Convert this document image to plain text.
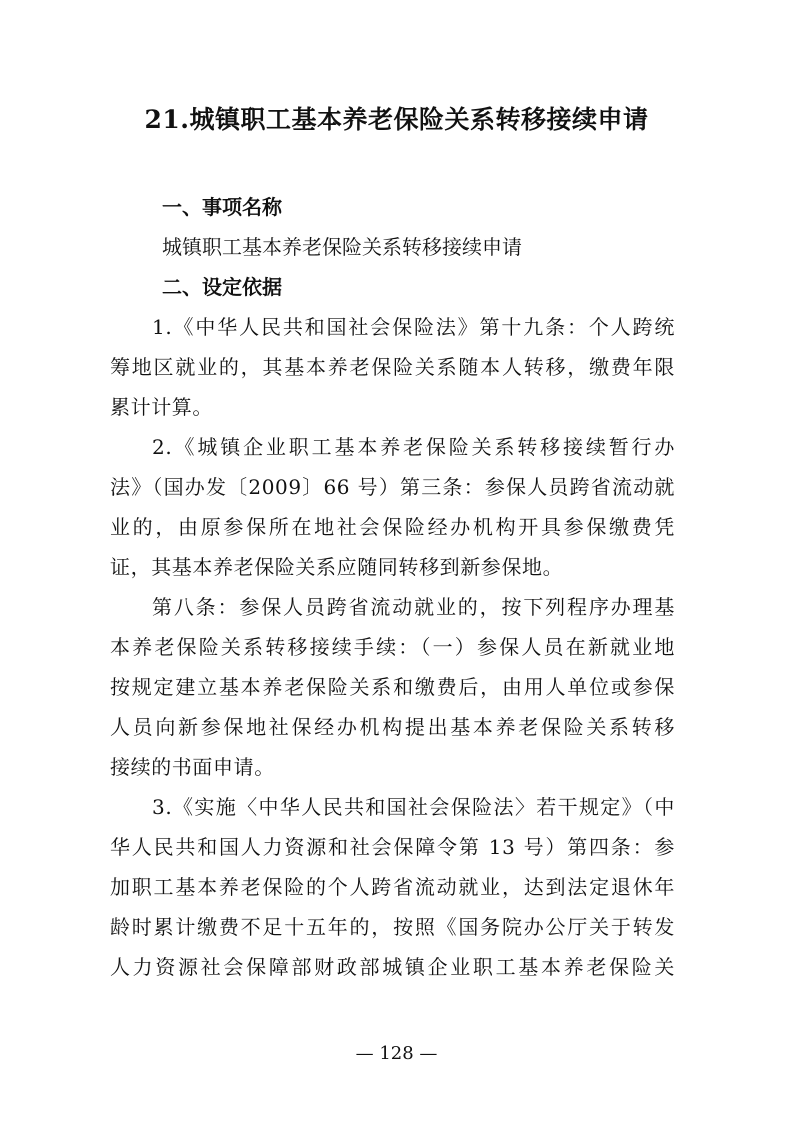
21.城镇职工基本养老保险关系转移接续申请

一、事项名称

城镇职工基本养老保险关系转移接续申请

二、设定依据

1.《中华人民共和国社会保险法》第十九条：个人跨统
筹地区就业的，其基本养老保险关系随本人转移，缴费年限
累计计算。

2.《城镇企业职工基本养老保险关系转移接续暂行办
法》（国办发〔2009〕66 号）第三条：参保人员跨省流动就
业的，由原参保所在地社会保险经办机构开具参保缴费凭
证，其基本养老保险关系应随同转移到新参保地。

第八条：参保人员跨省流动就业的，按下列程序办理基
本养老保险关系转移接续手续：（一）参保人员在新就业地
按规定建立基本养老保险关系和缴费后，由用人单位或参保
人员向新参保地社保经办机构提出基本养老保险关系转移
接续的书面申请。

3.《实施〈中华人民共和国社会保险法〉若干规定》（中
华人民共和国人力资源和社会保障令第 13 号）第四条：参
加职工基本养老保险的个人跨省流动就业，达到法定退休年
龄时累计缴费不足十五年的，按照《国务院办公厅关于转发
人力资源社会保障部财政部城镇企业职工基本养老保险关

— 128 —
